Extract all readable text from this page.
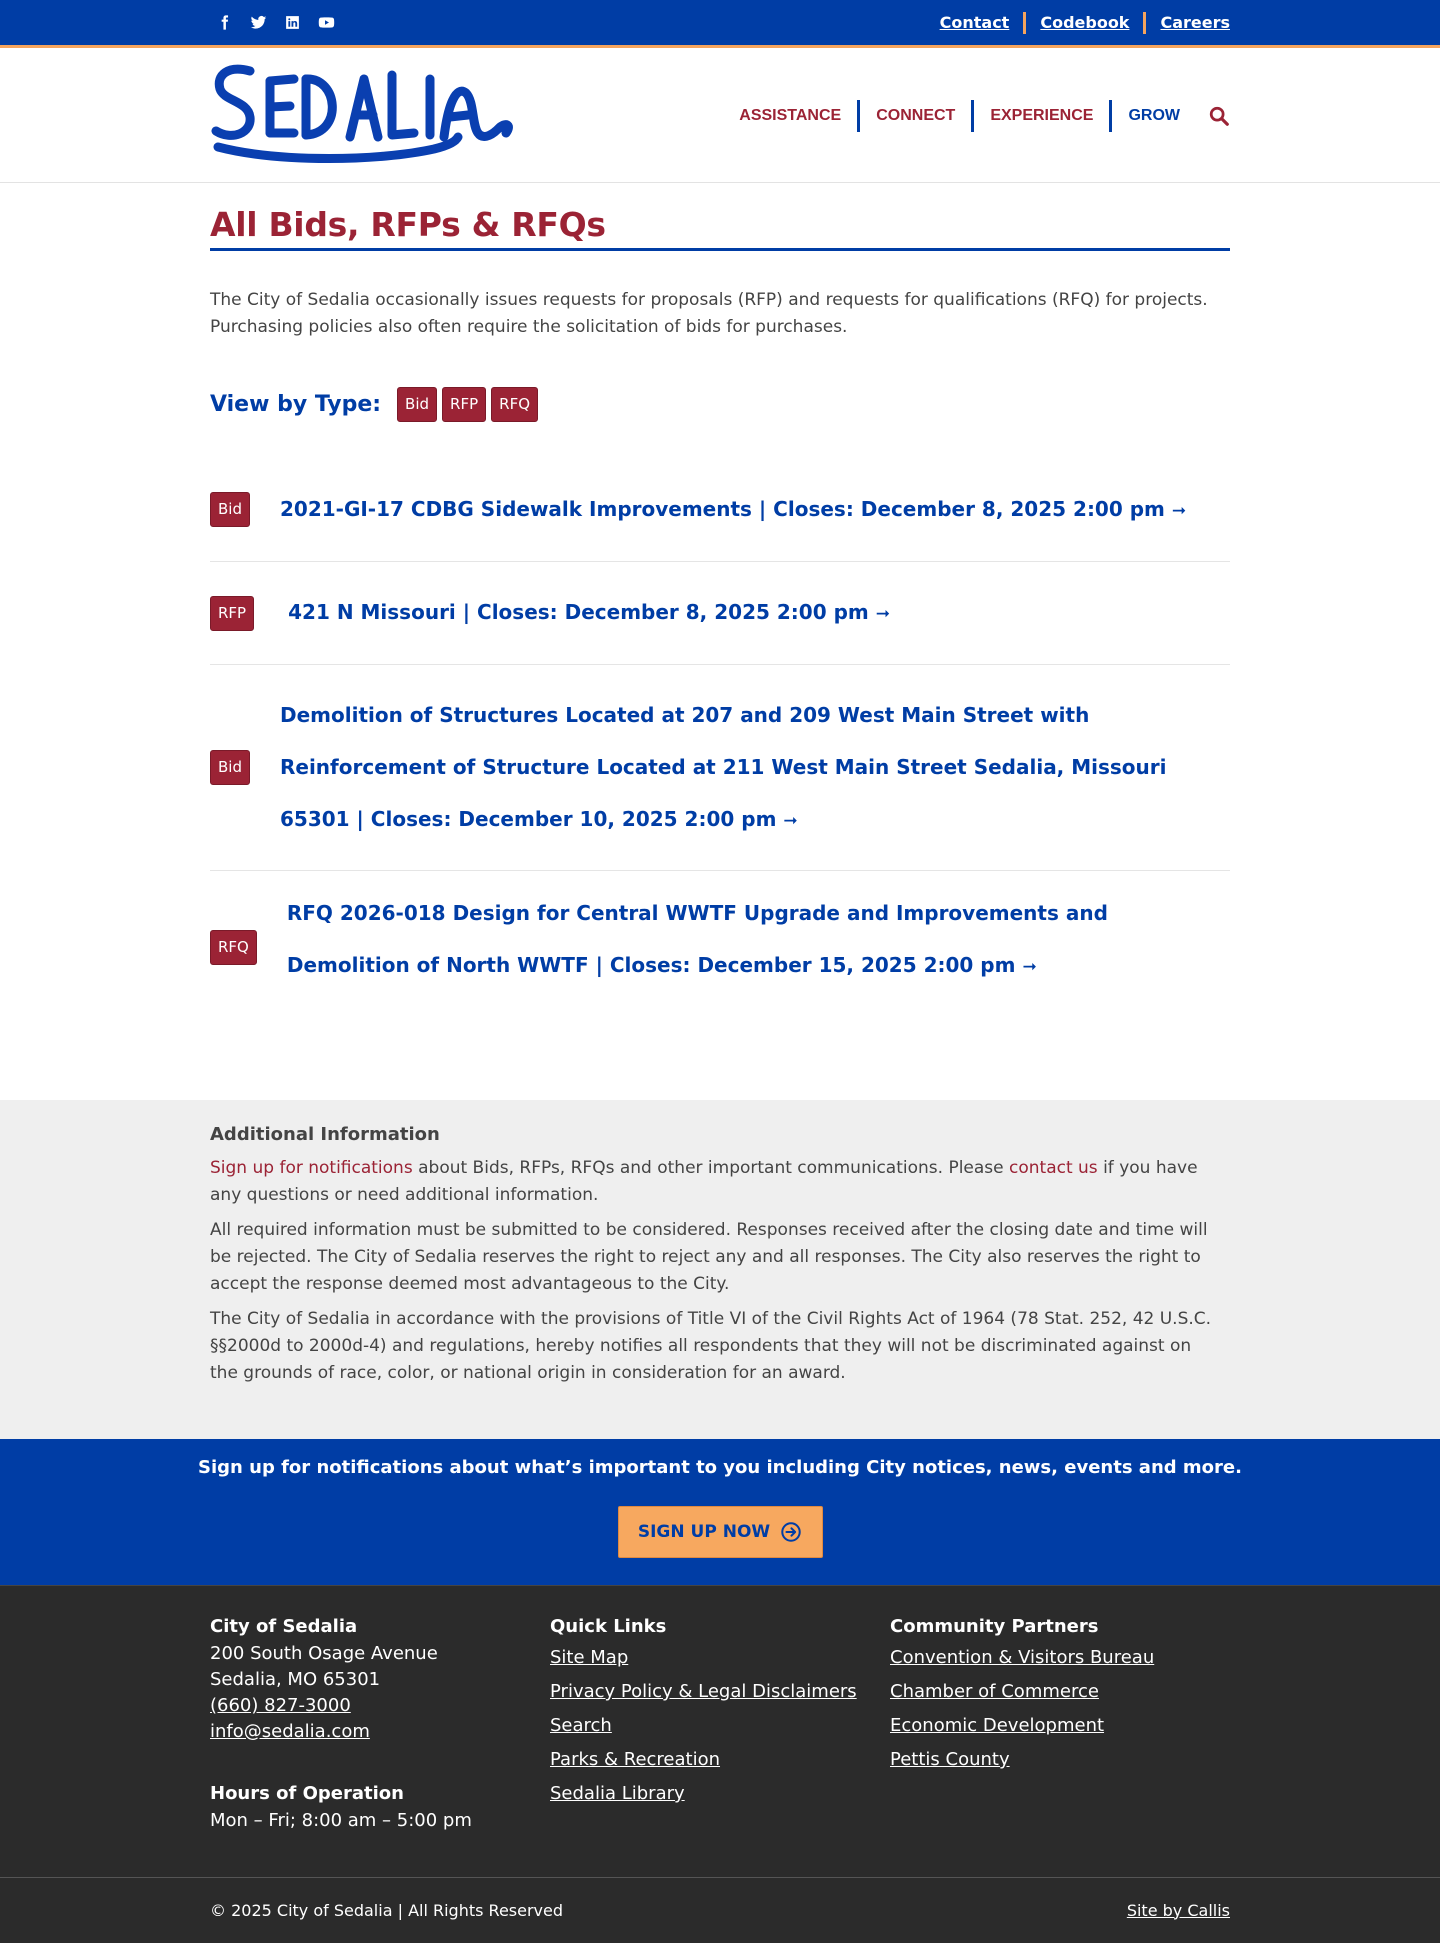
Contact	Codebook	Careers
ASSISTANCE	CONNECT	EXPERIENCE	GROW
All Bids, RFPs & RFQs

The City of Sedalia occasionally issues requests for proposals (RFP) and requests for qualifications (RFQ) for projects. Purchasing policies also often require the solicitation of bids for purchases.

View by Type:	Bid	RFP	RFQ
Bid	2021-GI-17 CDBG Sidewalk Improvements | Closes: December 8, 2025 2:00 pm ➞
RFP	421 N Missouri | Closes: December 8, 2025 2:00 pm ➞
Bid
Demolition of Structures Located at 207 and 209 West Main Street with Reinforcement of Structure Located at 211 West Main Street Sedalia, Missouri 65301 | Closes: December 10, 2025 2:00 pm ➞
RFQ
RFQ 2026-018 Design for Central WWTF Upgrade and Improvements and Demolition of North WWTF | Closes: December 15, 2025 2:00 pm ➞
Additional Information

Sign up for notifications about Bids, RFPs, RFQs and other important communications. Please contact us if you have any questions or need additional information.

All required information must be submitted to be considered. Responses received after the closing date and time will be rejected. The City of Sedalia reserves the right to reject any and all responses. The City also reserves the right to accept the response deemed most advantageous to the City.

The City of Sedalia in accordance with the provisions of Title VI of the Civil Rights Act of 1964 (78 Stat. 252, 42 U.S.C. §§2000d to 2000d-4) and regulations, hereby notifies all respondents that they will not be discriminated against on the grounds of race, color, or national origin in consideration for an award.

Sign up for notifications about what’s important to you including City notices, news, events and more.

SIGN UP NOW
City of Sedalia
200 South Osage Avenue
Sedalia, MO 65301
(660) 827-3000
info@sedalia.com
Hours of Operation
Mon – Fri; 8:00 am – 5:00 pm
Quick Links
Site Map
Privacy Policy & Legal Disclaimers
Search
Parks & Recreation
Sedalia Library
Community Partners
Convention & Visitors Bureau
Chamber of Commerce
Economic Development
Pettis County
© 2025 City of Sedalia | All Rights Reserved	Site by Callis
